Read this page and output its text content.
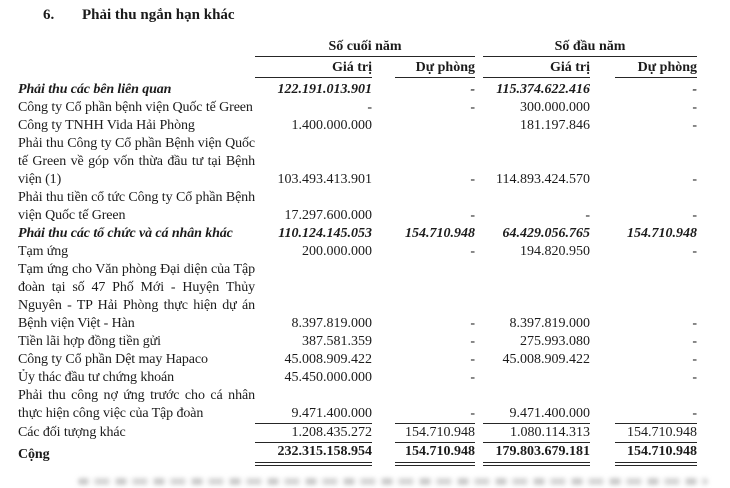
6. Phải thu ngắn hạn khác
	Số cuối năm				Số đầu năm		
	Giá trị		Dự phòng		Giá trị		Dự phòng
Phải thu các bên liên quan	122.191.013.901		-		115.374.622.416		-
Công ty Cổ phần bệnh viện Quốc tế Green	-		-		300.000.000		-
Công ty TNHH Vida Hải Phòng	1.400.000.000				181.197.846		-
Phải thu Công ty Cổ phần Bệnh viện Quốc tế Green về góp vốn thừa đầu tư tại Bệnh viện (1)	103.493.413.901		-		114.893.424.570		-
Phải thu tiền cổ tức Công ty Cổ phần Bệnh viện Quốc tế Green	17.297.600.000		-		-		-
Phải thu các tổ chức và cá nhân khác	110.124.145.053		154.710.948		64.429.056.765		154.710.948
Tạm ứng	200.000.000		-		194.820.950		-
Tạm ứng cho Văn phòng Đại diện của Tập đoàn tại số 47 Phố Mới - Huyện Thủy Nguyên - TP Hải Phòng thực hiện dự án Bệnh viện Việt - Hàn	8.397.819.000		-		8.397.819.000		-
Tiền lãi hợp đồng tiền gửi	387.581.359		-		275.993.080		-
Công ty Cổ phần Dệt may Hapaco	45.008.909.422		-		45.008.909.422		-
Ủy thác đầu tư chứng khoán	45.450.000.000		-				-
Phải thu công nợ ứng trước cho cá nhân thực hiện công việc của Tập đoàn	9.471.400.000		-		9.471.400.000		-
Các đối tượng khác	1.208.435.272		154.710.948		1.080.114.313		154.710.948
Cộng	232.315.158.954		154.710.948		179.803.679.181		154.710.948
